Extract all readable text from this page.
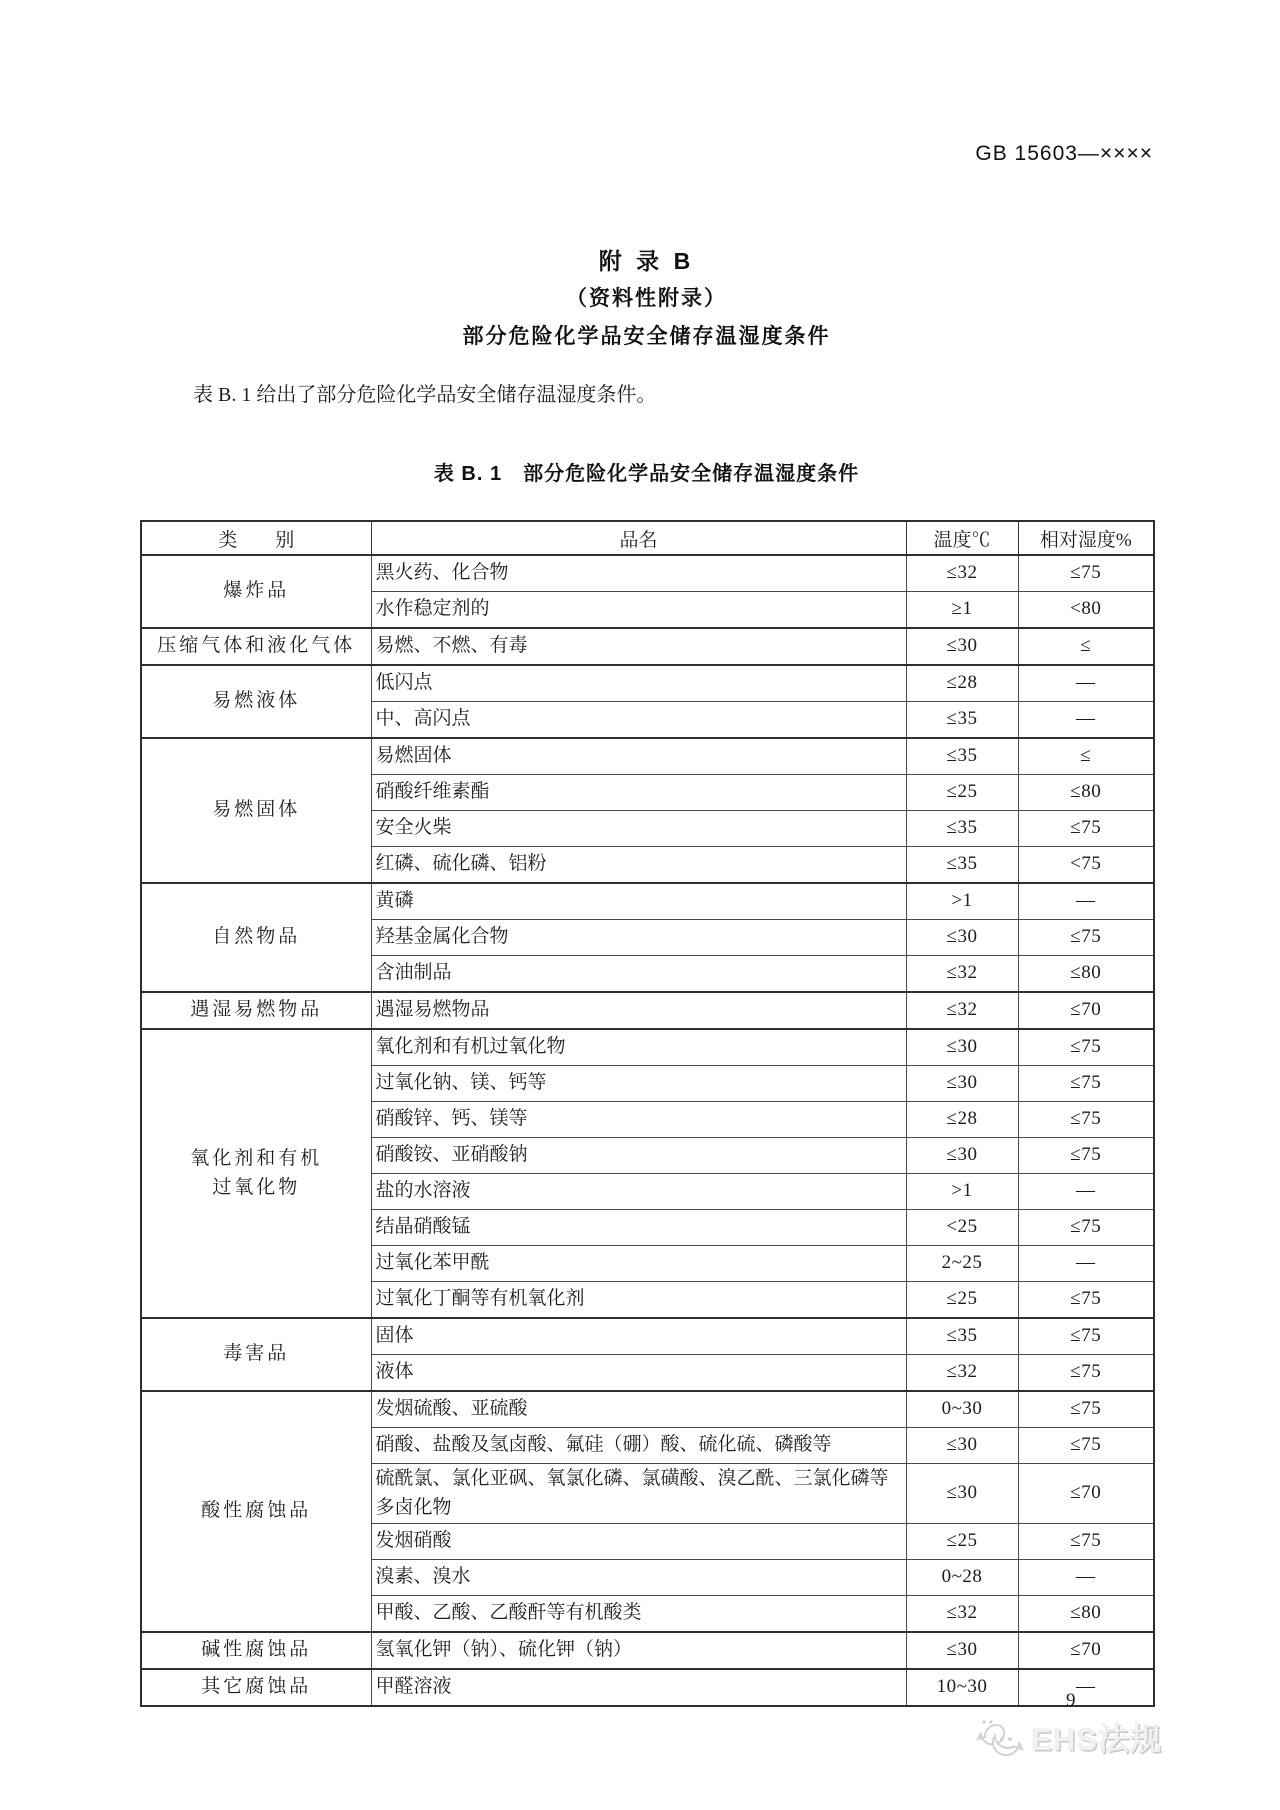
GB 15603—××××
附 录 B
（资料性附录）
部分危险化学品安全储存温湿度条件
表 B. 1 给出了部分危险化学品安全储存温湿度条件。
表 B. 1　部分危险化学品安全储存温湿度条件
类　　别	品名	温度℃	相对湿度%

爆炸品	黑火药、化合物	≤32	≤75
	水作稳定剂的	≥1	<80

压缩气体和液化气体	易燃、不燃、有毒	≤30	≤

易燃液体	低闪点	≤28	—
	中、高闪点	≤35	—

易燃固体	易燃固体	≤35	≤
	硝酸纤维素酯	≤25	≤80
	安全火柴	≤35	≤75
	红磷、硫化磷、铝粉	≤35	<75

自然物品	黄磷	>1	—
	羟基金属化合物	≤30	≤75
	含油制品	≤32	≤80

遇湿易燃物品	遇湿易燃物品	≤32	≤70

氧化剂和有机
过氧化物	氧化剂和有机过氧化物	≤30	≤75
	过氧化钠、镁、钙等	≤30	≤75
	硝酸锌、钙、镁等	≤28	≤75
	硝酸铵、亚硝酸钠	≤30	≤75
	盐的水溶液	>1	—
	结晶硝酸锰	<25	≤75
	过氧化苯甲酰	2~25	—
	过氧化丁酮等有机氧化剂	≤25	≤75

毒害品	固体	≤35	≤75
	液体	≤32	≤75

酸性腐蚀品	发烟硫酸、亚硫酸	0~30	≤75
	硝酸、盐酸及氢卤酸、氟硅（硼）酸、硫化硫、磷酸等	≤30	≤75
	硫酰氯、氯化亚砜、氧氯化磷、氯磺酸、溴乙酰、三氯化磷等多卤化物	≤30	≤70
	发烟硝酸	≤25	≤75
	溴素、溴水	0~28	—
	甲酸、乙酸、乙酸酐等有机酸类	≤32	≤80

碱性腐蚀品	氢氧化钾（钠）、硫化钾（钠）	≤30	≤70

其它腐蚀品	甲醛溶液	10~30	—
9
EHS法规
